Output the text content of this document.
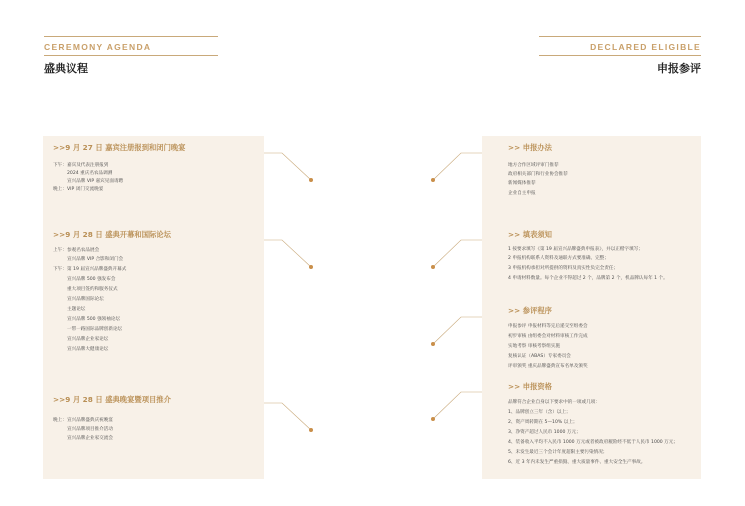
CEREMONY AGENDA
盛典议程
DECLARED ELIGIBLE
申报参评
>>9 月 27 日 嘉宾注册报到和闭门晚宴
下午：嘉宾及代表注册报到
2024 重庆名农品调测
宣兴品牌 VIP 嘉宾见面请聘
晚上：VIP 闭门交流晚宴
>>9 月 28 日 盛典开幕和国际论坛
上午：参观名农品展会
宣兴品牌 VIP 合影和闭门会
下午：第 19 届宣兴品牌盛典开幕式
宣兴品牌 500 强发布会
重大项目签约和服务仪式
宣兴品牌国际论坛
主题论坛
宣兴品牌 500 强领袖论坛
一带一路国际品牌创新论坛
宣兴品牌企业家论坛
宣兴品牌大健康论坛
>>9 月 28 日 盛典晚宴暨项目推介
晚上：宣兴品牌盛典庆祝晚宴
宣兴品牌项目推介活动
宣兴品牌企业家交流会
>> 申报办法
地方合作区域评审门推荐
政府相关部门和行业协会推荐
新闻媒体推荐
企业自主申报
>> 填表须知
1 按要求填写《第 19 届宣兴品牌盛典申报表》，并以正楷字填写；
2 申报机构联系人资料及通联方式要准确、完整；
3 申报机构承担对所提供的资料及真实性负完全责任；
4 申请材料数量。每个企业不得超过 2 个，品牌第 2 个，机品牌认每年 1 个。
>> 参评程序
申报参评 申报材料等完后递交至组委会
初步审核 由组委会对材料审核工作完成
实地考察 审核考察组实施
复核认证（ABAS）专家委员会
评审颁奖 重庆品牌盛典宣布名单及颁奖
>> 申报资格
品牌符合企业自身以下要求中的一项或几项：
1、品牌创立三年（含）以上；
2、资产周转期在 5—10% 以上；
3、净资产超过人民币 1000 万元；
4、装备收入平均不入民币 1000 万元或者被政府履险经不低于人民币 1000 万元；
5、未发生最近三个会计年度超限主要污染情况；
6、近 3 年内未发生严重损毁、重大质量事件、重大安全生产事故。
